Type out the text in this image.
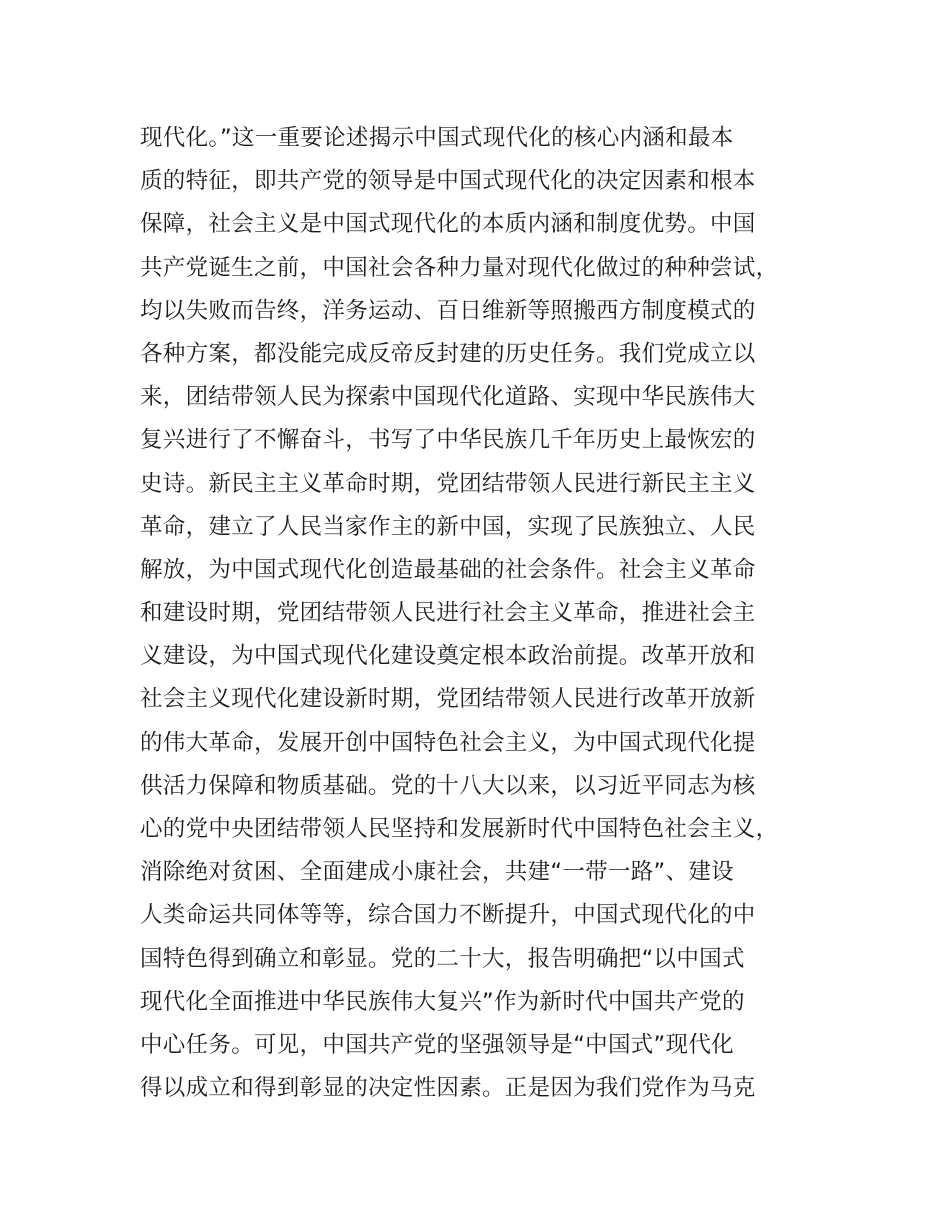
现代化。”这一重要论述揭示中国式现代化的核心内涵和最本
质的特征，即共产党的领导是中国式现代化的决定因素和根本
保障，社会主义是中国式现代化的本质内涵和制度优势。中国
共产党诞生之前，中国社会各种力量对现代化做过的种种尝试，
均以失败而告终，洋务运动、百日维新等照搬西方制度模式的
各种方案，都没能完成反帝反封建的历史任务。我们党成立以
来，团结带领人民为探索中国现代化道路、实现中华民族伟大
复兴进行了不懈奋斗，书写了中华民族几千年历史上最恢宏的
史诗。新民主主义革命时期，党团结带领人民进行新民主主义
革命，建立了人民当家作主的新中国，实现了民族独立、人民
解放，为中国式现代化创造最基础的社会条件。社会主义革命
和建设时期，党团结带领人民进行社会主义革命，推进社会主
义建设，为中国式现代化建设奠定根本政治前提。改革开放和
社会主义现代化建设新时期，党团结带领人民进行改革开放新
的伟大革命，发展开创中国特色社会主义，为中国式现代化提
供活力保障和物质基础。党的十八大以来，以习近平同志为核
心的党中央团结带领人民坚持和发展新时代中国特色社会主义，
消除绝对贫困、全面建成小康社会，共建“一带一路”、建设
人类命运共同体等等，综合国力不断提升，中国式现代化的中
国特色得到确立和彰显。党的二十大，报告明确把“以中国式
现代化全面推进中华民族伟大复兴”作为新时代中国共产党的
中心任务。可见，中国共产党的坚强领导是“中国式”现代化
得以成立和得到彰显的决定性因素。正是因为我们党作为马克
